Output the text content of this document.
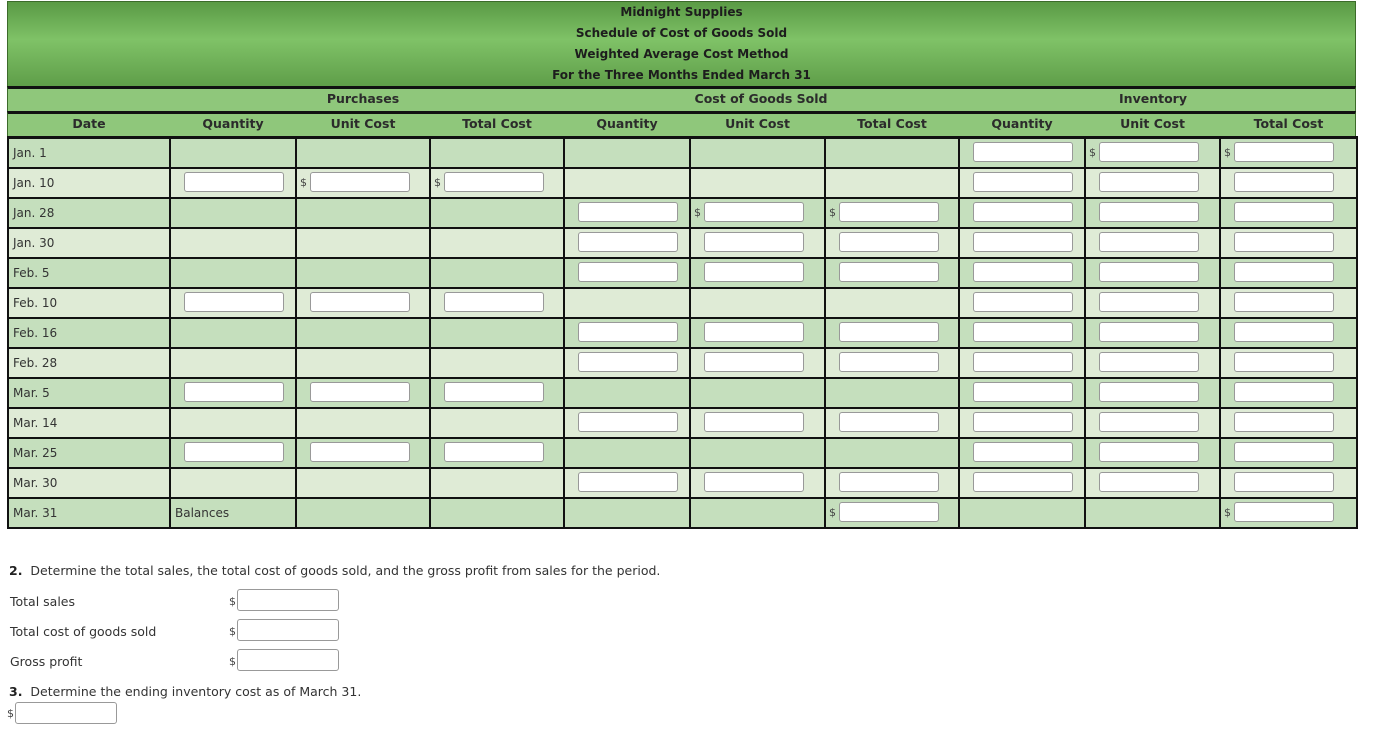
Midnight Supplies
Schedule of Cost of Goods Sold
Weighted Average Cost Method
For the Three Months Ended March 31
Purchases	Cost of Goods Sold	Inventory
Date	Quantity	Unit Cost	Total Cost	Quantity	Unit Cost	Total Cost	Quantity	Unit Cost	Total Cost
Jan. 1								$	$

Jan. 10		$	$						

Jan. 28					$	$			

Jan. 30				

Feb. 5				

Feb. 10	

Feb. 16				

Feb. 28				

Mar. 5	

Mar. 14				

Mar. 25	

Mar. 30				

Mar. 31	Balances					$			$
2. Determine the total sales, the total cost of goods sold, and the gross profit from sales for the period.
Total sales	$
Total cost of goods sold	$
Gross profit	$
3. Determine the ending inventory cost as of March 31.
$
